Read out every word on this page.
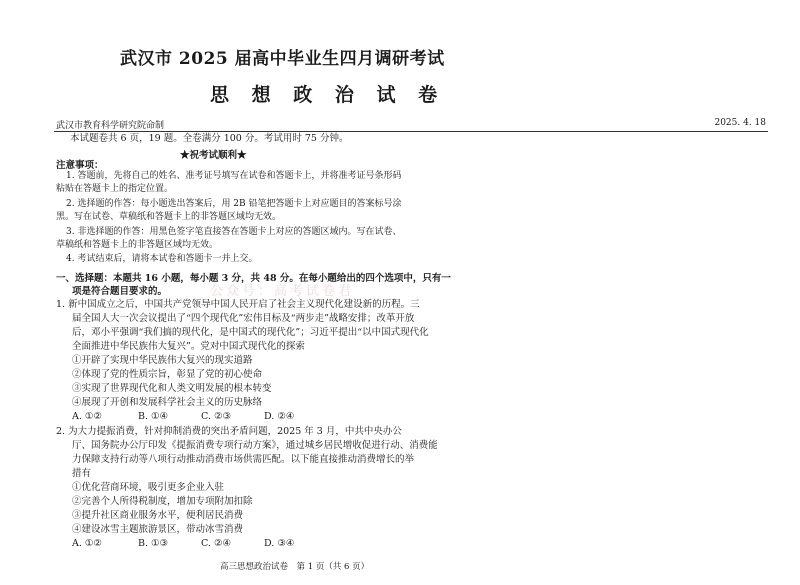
武汉市 2025 届高中毕业生四月调研考试
思 想 政 治 试 卷
武汉市教育科学研究院命制	2025. 4. 18
本试题卷共 6 页，19 题。全卷满分 100 分。考试用时 75 分钟。
★祝考试顺利★
注意事项：
1. 答题前，先将自己的姓名、准考证号填写在试卷和答题卡上，并将准考证号条形码
粘贴在答题卡上的指定位置。
2. 选择题的作答：每小题选出答案后，用 2B 铅笔把答题卡上对应题目的答案标号涂
黑。写在试卷、草稿纸和答题卡上的非答题区域均无效。
3. 非选择题的作答：用黑色签字笔直接答在答题卡上对应的答题区域内。写在试卷、
草稿纸和答题卡上的非答题区域均无效。
4. 考试结束后，请将本试卷和答题卡一并上交。
一、选择题：本题共 16 小题，每小题 3 分，共 48 分。在每小题给出的四个选项中，只有一
项是符合题目要求的。	公众号：高考试卷君
1. 新中国成立之后，中国共产党领导中国人民开启了社会主义现代化建设新的历程。三
届全国人大一次会议提出了“四个现代化”宏伟目标及“两步走”战略安排；改革开放
后，邓小平强调“我们搞的现代化，是中国式的现代化”；习近平提出“以中国式现代化
全面推进中华民族伟大复兴”。党对中国式现代化的探索
①开辟了实现中华民族伟大复兴的现实道路
②体现了党的性质宗旨，彰显了党的初心使命
③实现了世界现代化和人类文明发展的根本转变
④展现了开创和发展科学社会主义的历史脉络
A. ①②	B. ①④	C. ②③	D. ②④
2. 为大力提振消费，针对抑制消费的突出矛盾问题，2025 年 3 月，中共中央办公
厅、国务院办公厅印发《提振消费专项行动方案》，通过城乡居民增收促进行动、消费能
力保障支持行动等八项行动推动消费市场供需匹配。以下能直接推动消费增长的举
措有
①优化营商环境，吸引更多企业入驻
②完善个人所得税制度，增加专项附加扣除
③提升社区商业服务水平，便利居民消费
④建设冰雪主题旅游景区，带动冰雪消费
A. ①②	B. ①③	C. ②④	D. ③④
高三思想政治试卷　第 1 页（共 6 页）
